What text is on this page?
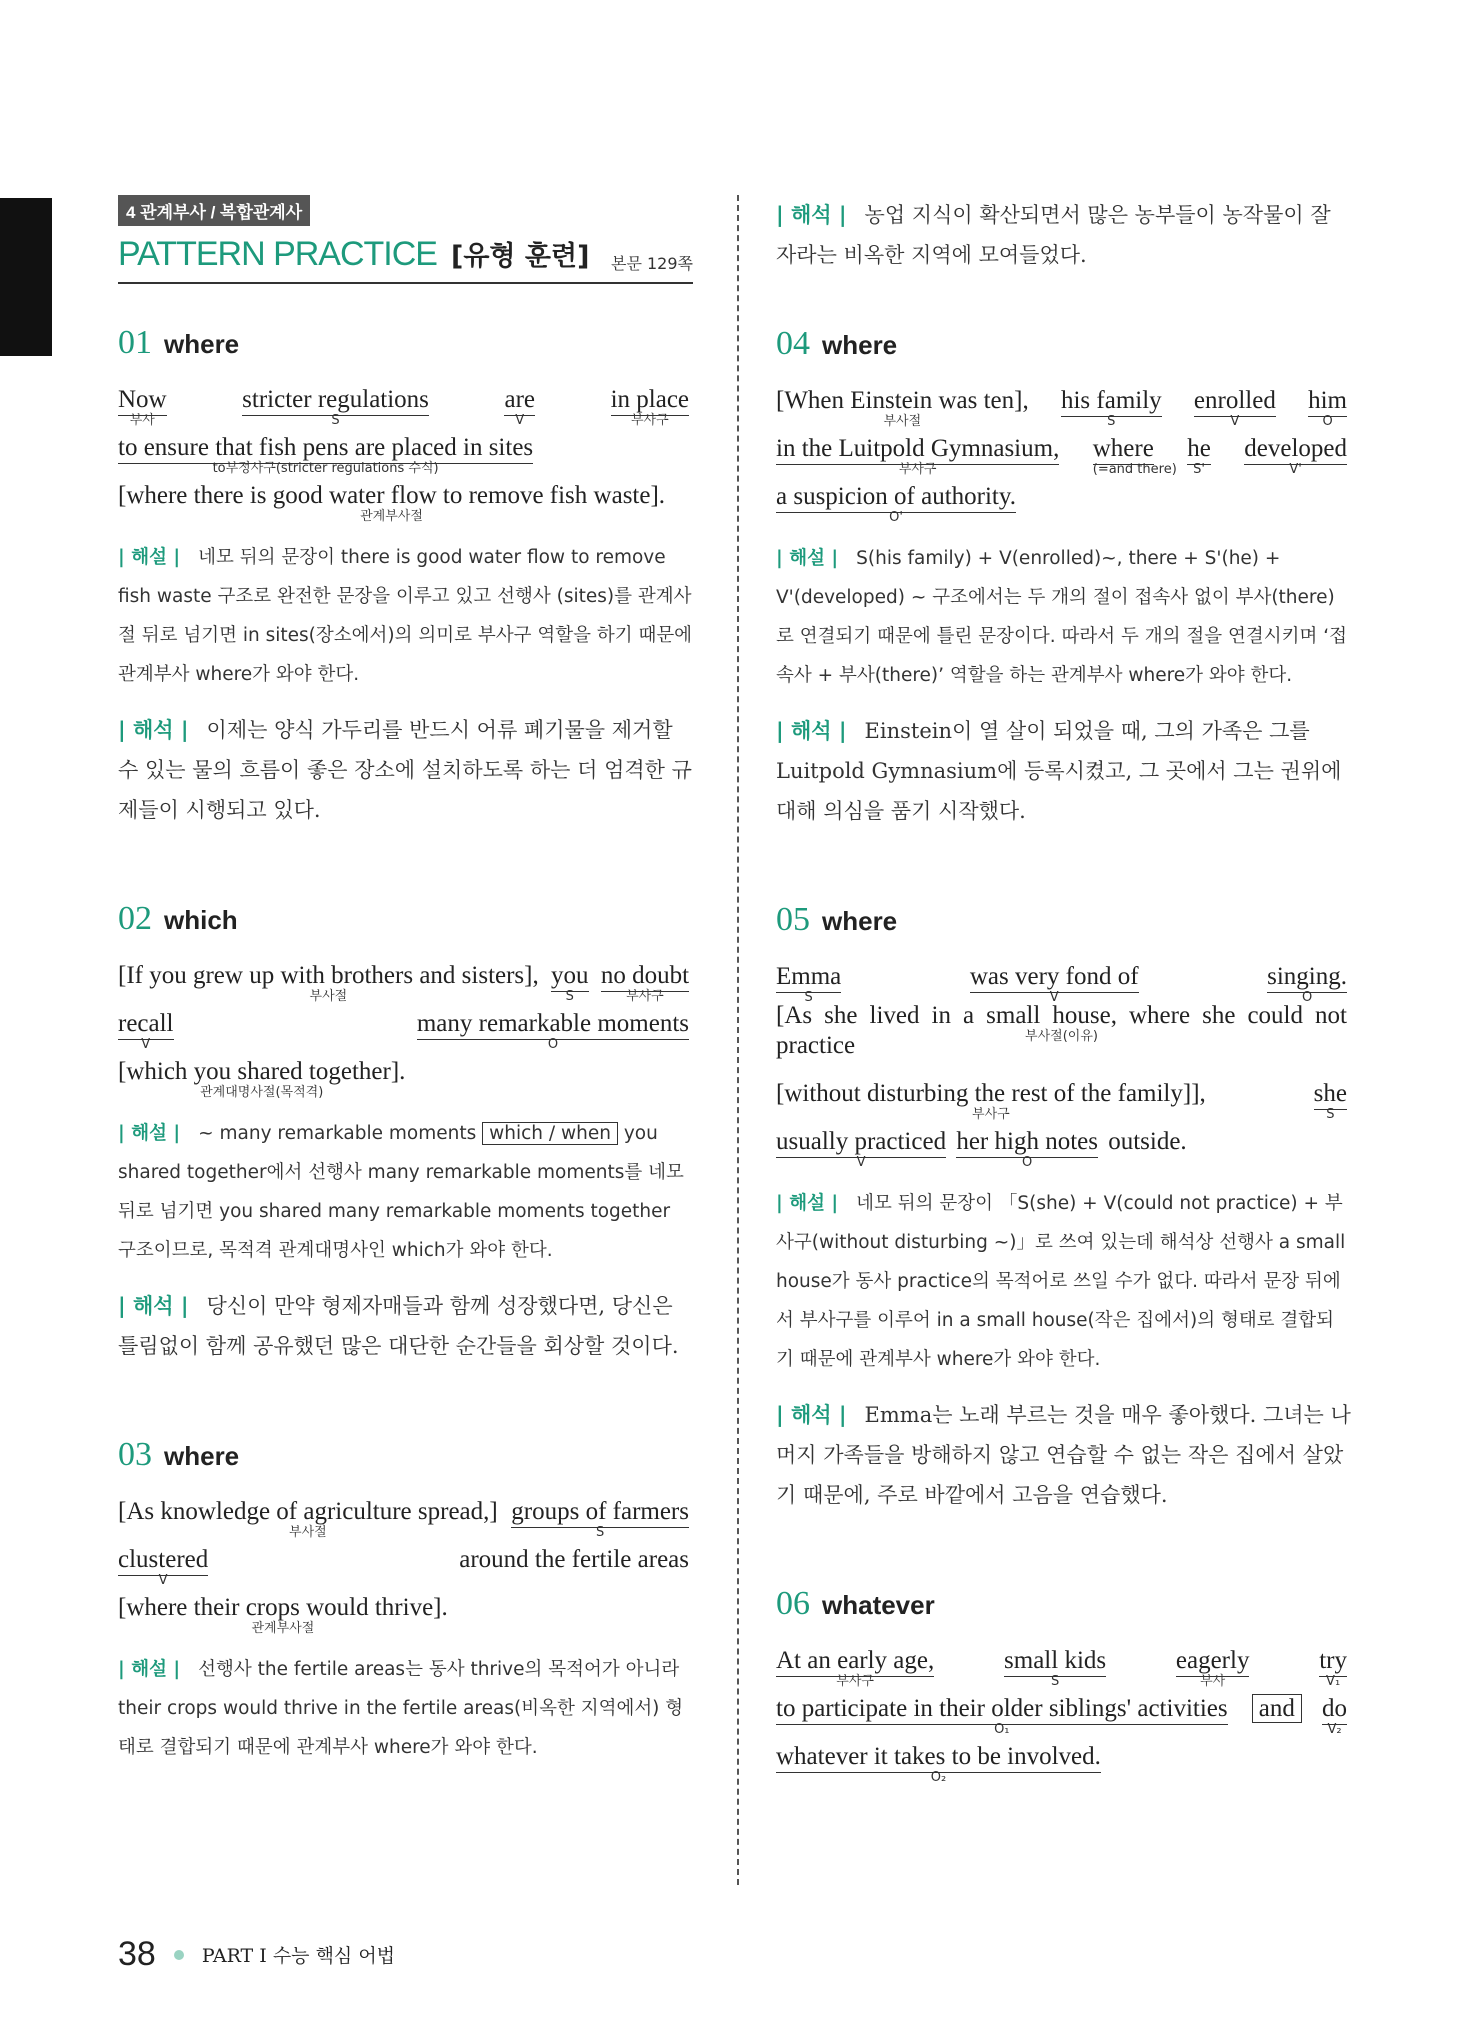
4 관계부사 / 복합관계사
PATTERN PRACTICE [유형 훈련] 본문 129쪽
01 where
Now
부사
stricter regulations
S
are
V
in place
부사구
to ensure that fish pens are placed in sites
to부정사구(stricter regulations 수식)
[where there is good water flow to remove fish waste].
관계부사절
| 해설 | 네모 뒤의 문장이 there is good water flow to remove fish waste 구조로 완전한 문장을 이루고 있고 선행사 (sites)를 관계사절 뒤로 넘기면 in sites(장소에서)의 의미로 부사구 역할을 하기 때문에 관계부사 where가 와야 한다.
| 해석 | 이제는 양식 가두리를 반드시 어류 폐기물을 제거할 수 있는 물의 흐름이 좋은 장소에 설치하도록 하는 더 엄격한 규제들이 시행되고 있다.
02 which
[If you grew up with brothers and sisters],
부사절
you
S
no doubt
부사구
recall
V
many remarkable moments
O
[which you shared together].
관계대명사절(목적격)
| 해설 | ~ many remarkable moments which / when you shared together에서 선행사 many remarkable moments를 네모 뒤로 넘기면 you shared many remarkable moments together 구조이므로, 목적격 관계대명사인 which가 와야 한다.
| 해석 | 당신이 만약 형제자매들과 함께 성장했다면, 당신은 틀림없이 함께 공유했던 많은 대단한 순간들을 회상할 것이다.
03 where
[As knowledge of agriculture spread,]
부사절
groups of farmers
S
clustered
V
around the fertile areas [where their crops would thrive].
관계부사절
| 해설 | 선행사 the fertile areas는 동사 thrive의 목적어가 아니라 their crops would thrive in the fertile areas(비옥한 지역에서) 형태로 결합되기 때문에 관계부사 where가 와야 한다.
| 해석 | 농업 지식이 확산되면서 많은 농부들이 농작물이 잘 자라는 비옥한 지역에 모여들었다.
04 where
[When Einstein was ten],
부사절
his family
S
enrolled
V
him
O
in the Luitpold Gymnasium,
부사구
where
(=and there)
he
S'
developed
V'
a suspicion of authority.
O'
| 해설 | S(his family) + V(enrolled)~, there + S'(he) + V'(developed) ~ 구조에서는 두 개의 절이 접속사 없이 부사(there)로 연결되기 때문에 틀린 문장이다. 따라서 두 개의 절을 연결시키며 ‘접속사 + 부사(there)’ 역할을 하는 관계부사 where가 와야 한다.
| 해석 | Einstein이 열 살이 되었을 때, 그의 가족은 그를 Luitpold Gymnasium에 등록시켰고, 그 곳에서 그는 권위에 대해 의심을 품기 시작했다.
05 where
Emma
S
was very fond of
V
singing.
O
[As she lived in a small house, where she could not practice	부사절(이유)
[without disturbing the rest of the family]],
부사구
she
S
usually practiced
V
her high notes
O
outside.
| 해설 | 네모 뒤의 문장이 「S(she) + V(could not practice) + 부사구(without disturbing ~)」로 쓰여 있는데 해석상 선행사 a small house가 동사 practice의 목적어로 쓰일 수가 없다. 따라서 문장 뒤에서 부사구를 이루어 in a small house(작은 집에서)의 형태로 결합되기 때문에 관계부사 where가 와야 한다.
| 해석 | Emma는 노래 부르는 것을 매우 좋아했다. 그녀는 나머지 가족들을 방해하지 않고 연습할 수 없는 작은 집에서 살았기 때문에, 주로 바깥에서 고음을 연습했다.
06 whatever
At an early age,
부사구
small kids
S
eagerly
부사
try
V₁
to participate in their older siblings' activities
O₁
and do
V₂
whatever it takes to be involved.
O₂
38 PART I 수능 핵심 어법
